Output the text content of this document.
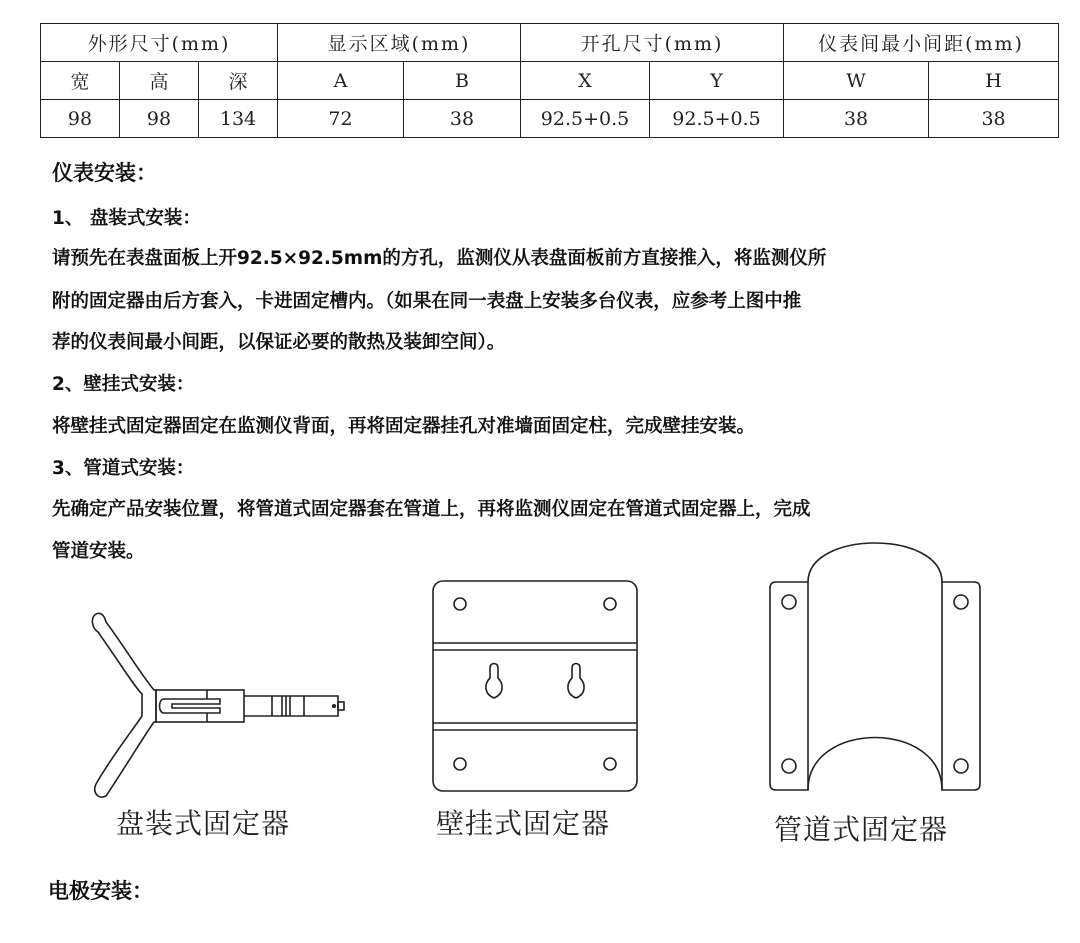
外形尺寸(mm)			显示区域(mm)		开孔尺寸(mm)		仪表间最小间距(mm)	
宽	高	深	A	B	X	Y	W	H
98	98	134	72	38	92.5+0.5	92.5+0.5	38	38
仪表安装：
1、 盘装式安装：
请预先在表盘面板上开92.5×92.5mm的方孔，监测仪从表盘面板前方直接推入，将监测仪所
附的固定器由后方套入，卡进固定槽内。（如果在同一表盘上安装多台仪表，应参考上图中推
荐的仪表间最小间距，以保证必要的散热及装卸空间）。
2、壁挂式安装：
将壁挂式固定器固定在监测仪背面，再将固定器挂孔对准墙面固定柱，完成壁挂安装。
3、管道式安装：
先确定产品安装位置，将管道式固定器套在管道上，再将监测仪固定在管道式固定器上，完成
管道安装。
盘装式固定器	壁挂式固定器	管道式固定器
电极安装：
